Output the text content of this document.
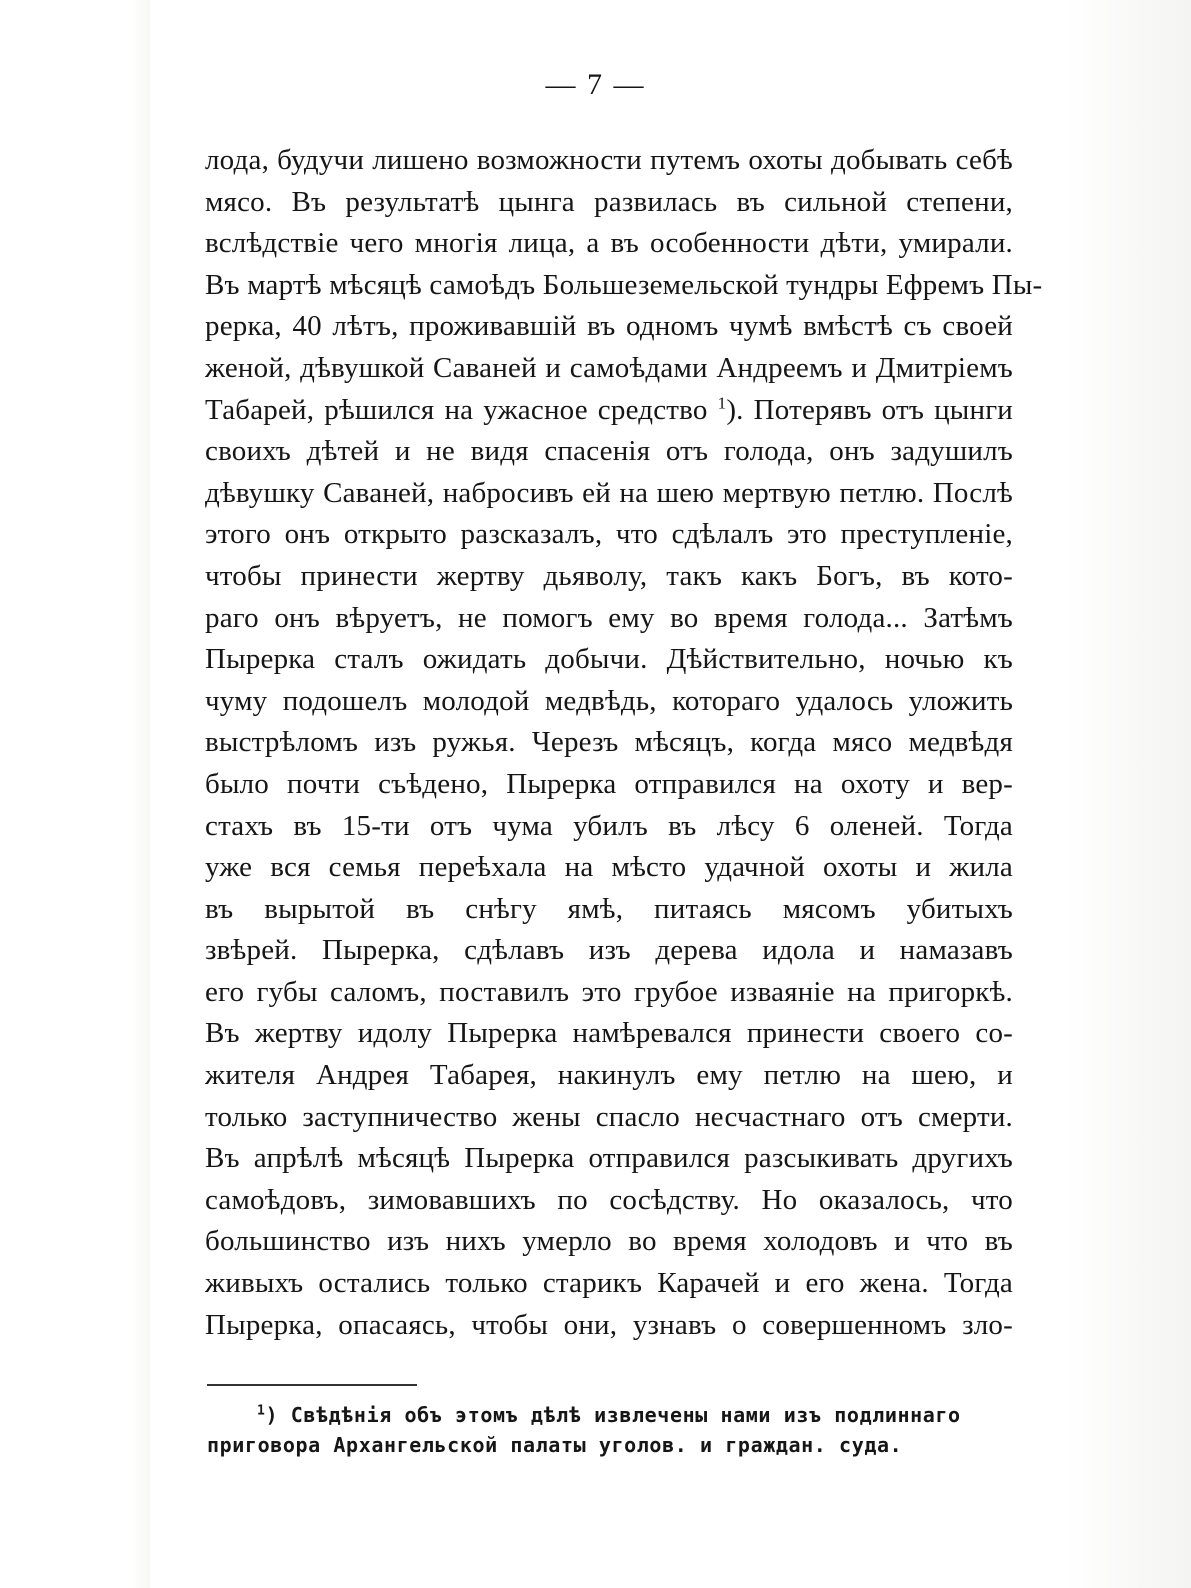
— 7 —
лода, будучи лишено возможности путемъ охоты добывать себѣ
мясо. Въ результатѣ цынга развилась въ сильной степени,
вслѣдствіе чего многія лица, а въ особенности дѣти, умирали.
Въ мартѣ мѣсяцѣ самоѣдъ Большеземельской тундры Ефремъ Пы-
рерка, 40 лѣтъ, проживавшій въ одномъ чумѣ вмѣстѣ съ своей
женой, дѣвушкой Саваней и самоѣдами Андреемъ и Дмитріемъ
Табарей, рѣшился на ужасное средство $^1$). Потерявъ отъ цынги
своихъ дѣтей и не видя спасенія отъ голода, онъ задушилъ
дѣвушку Саваней, набросивъ ей на шею мертвую петлю. Послѣ
этого онъ открыто разсказалъ, что сдѣлалъ это преступленіе,
чтобы принести жертву дьяволу, такъ какъ Богъ, въ кото-
раго онъ вѣруетъ, не помогъ ему во время голода... Затѣмъ
Пырерка сталъ ожидать добычи. Дѣйствительно, ночью къ
чуму подошелъ молодой медвѣдь, котораго удалось уложить
выстрѣломъ изъ ружья. Черезъ мѣсяцъ, когда мясо медвѣдя
было почти съѣдено, Пырерка отправился на охоту и вер-
стахъ въ 15-ти отъ чума убилъ въ лѣсу 6 оленей. Тогда
уже вся семья переѣхала на мѣсто удачной охоты и жила
въ вырытой въ снѣгу ямѣ, питаясь мясомъ убитыхъ
звѣрей. Пырерка, сдѣлавъ изъ дерева идола и намазавъ
его губы саломъ, поставилъ это грубое изваяніе на пригоркѣ.
Въ жертву идолу Пырерка намѣревался принести своего со-
жителя Андрея Табарея, накинулъ ему петлю на шею, и
только заступничество жены спасло несчастнаго отъ смерти.
Въ апрѣлѣ мѣсяцѣ Пырерка отправился разсыкивать другихъ
самоѣдовъ, зимовавшихъ по сосѣдству. Но оказалось, что
большинство изъ нихъ умерло во время холодовъ и что въ
живыхъ остались только старикъ Карачей и его жена. Тогда
Пырерка, опасаясь, чтобы они, узнавъ о совершенномъ зло-
$^1$) Свѣдѣнія объ этомъ дѣлѣ извлечены нами изъ подлиннаго
приговора Архангельской палаты уголов. и граждан. суда.
